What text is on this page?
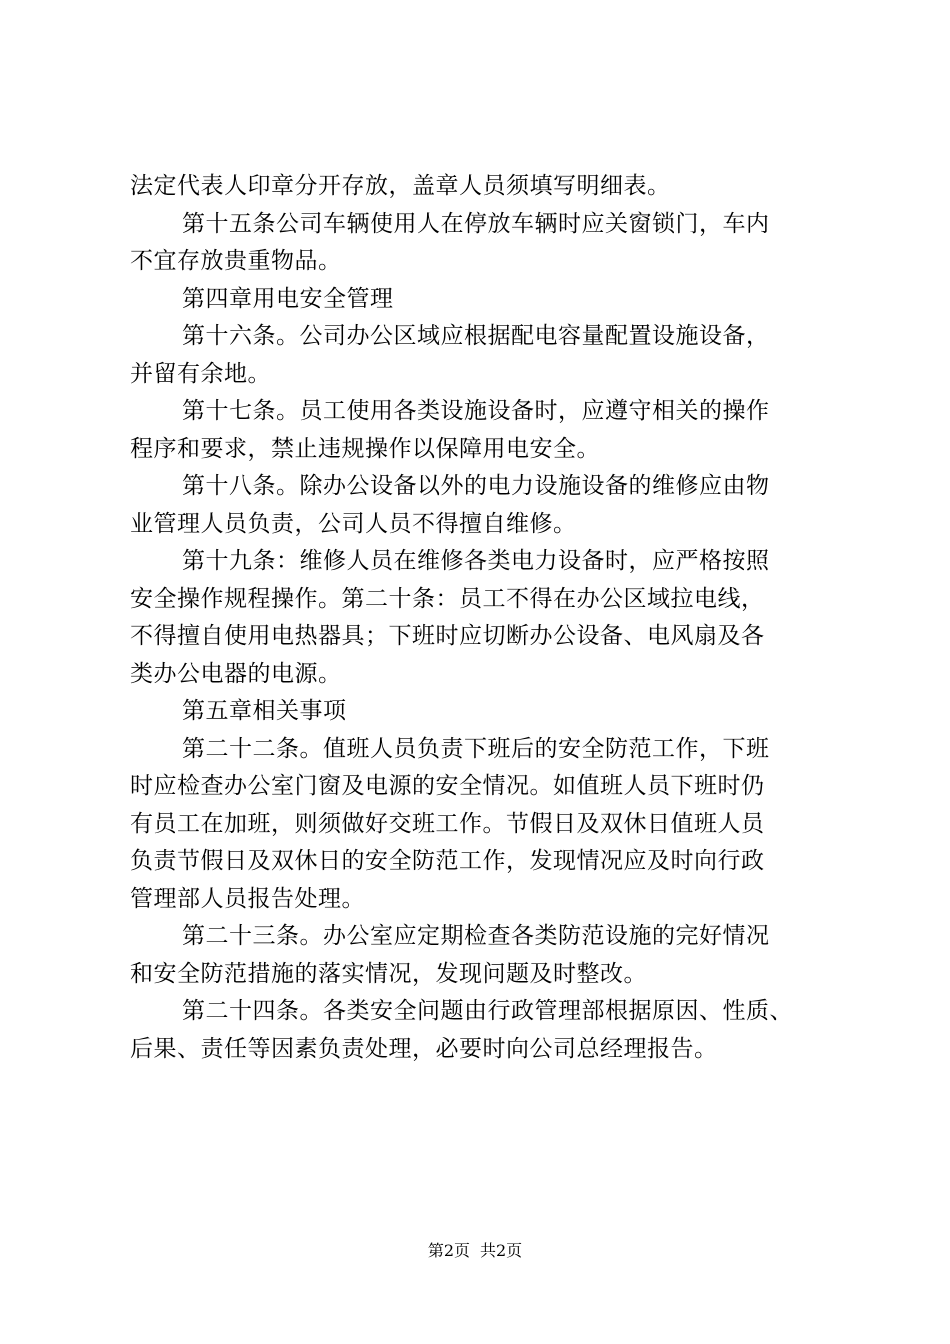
法定代表人印章分开存放，盖章人员须填写明细表。
第十五条公司车辆使用人在停放车辆时应关窗锁门，车内
不宜存放贵重物品。
第四章用电安全管理
第十六条。公司办公区域应根据配电容量配置设施设备，
并留有余地。
第十七条。员工使用各类设施设备时，应遵守相关的操作
程序和要求，禁止违规操作以保障用电安全。
第十八条。除办公设备以外的电力设施设备的维修应由物
业管理人员负责，公司人员不得擅自维修。
第十九条：维修人员在维修各类电力设备时，应严格按照
安全操作规程操作。第二十条：员工不得在办公区域拉电线，
不得擅自使用电热器具；下班时应切断办公设备、电风扇及各
类办公电器的电源。
第五章相关事项
第二十二条。值班人员负责下班后的安全防范工作，下班
时应检查办公室门窗及电源的安全情况。如值班人员下班时仍
有员工在加班，则须做好交班工作。节假日及双休日值班人员
负责节假日及双休日的安全防范工作，发现情况应及时向行政
管理部人员报告处理。
第二十三条。办公室应定期检查各类防范设施的完好情况
和安全防范措施的落实情况，发现问题及时整改。
第二十四条。各类安全问题由行政管理部根据原因、性质、
后果、责任等因素负责处理，必要时向公司总经理报告。
第2页 共2页
